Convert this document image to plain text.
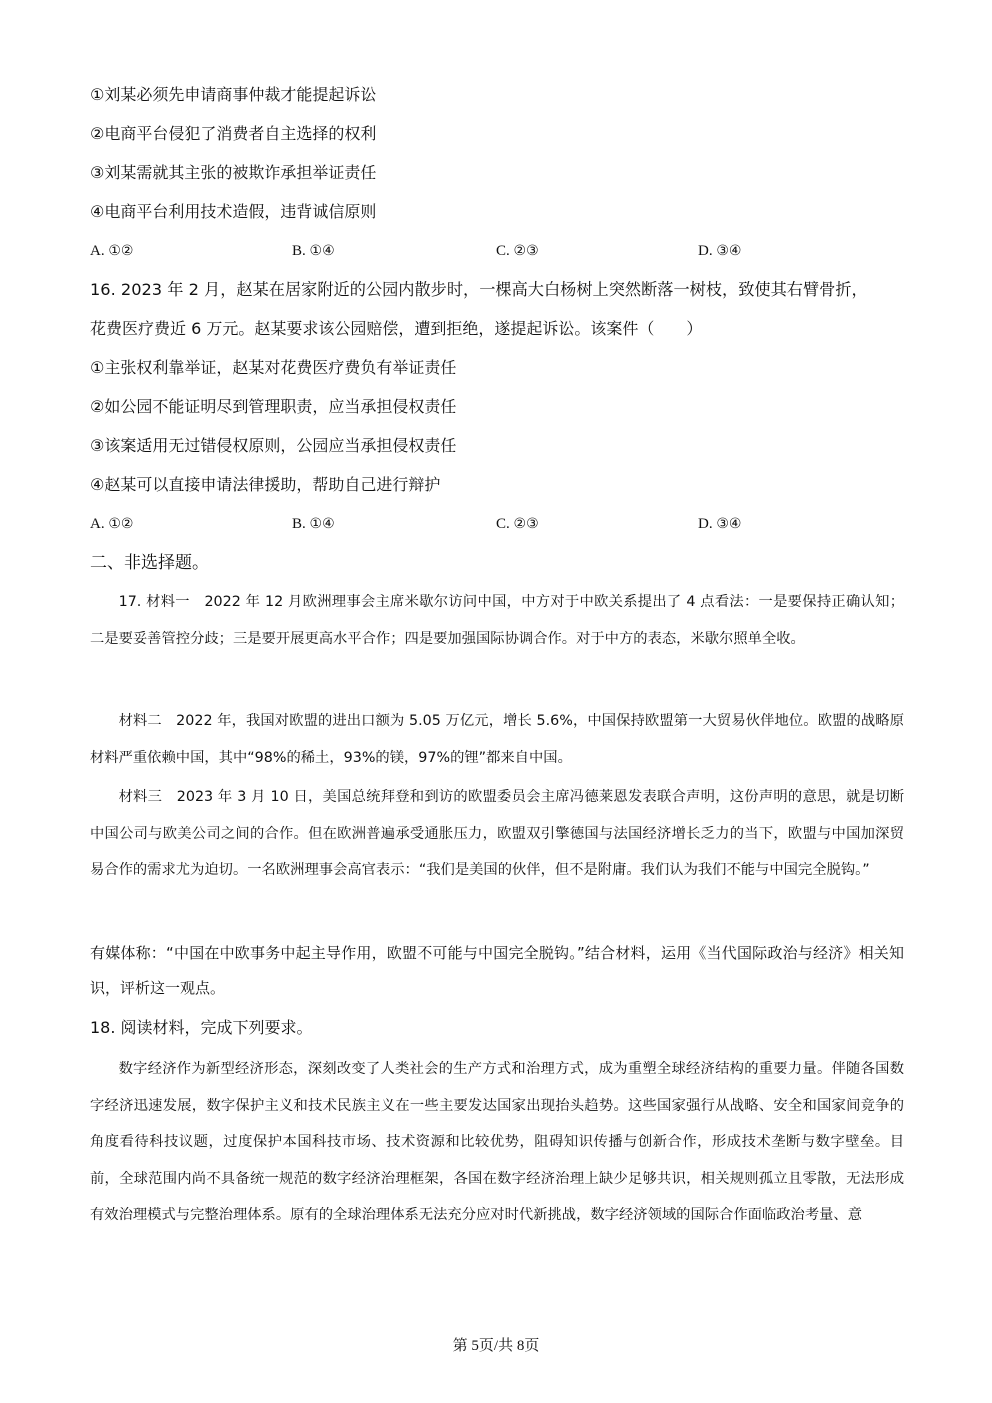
①刘某必须先申请商事仲裁才能提起诉讼
②电商平台侵犯了消费者自主选择的权利
③刘某需就其主张的被欺诈承担举证责任
④电商平台利用技术造假，违背诚信原则
A. ①②	B. ①④	C. ②③	D. ③④
16. 2023 年 2 月，赵某在居家附近的公园内散步时，一棵高大白杨树上突然断落一树枝，致使其右臂骨折，
花费医疗费近 6 万元。赵某要求该公园赔偿，遭到拒绝，遂提起诉讼。该案件（　　）
①主张权利靠举证，赵某对花费医疗费负有举证责任
②如公园不能证明尽到管理职责，应当承担侵权责任
③该案适用无过错侵权原则，公园应当承担侵权责任
④赵某可以直接申请法律援助，帮助自己进行辩护
A. ①②	B. ①④	C. ②③	D. ③④
二、非选择题。
17. 材料一　2022 年 12 月欧洲理事会主席米歇尔访问中国，中方对于中欧关系提出了 4 点看法：一是要保持正确认知；二是要妥善管控分歧；三是要开展更高水平合作；四是要加强国际协调合作。对于中方的表态，米歇尔照单全收。
材料二　2022 年，我国对欧盟的进出口额为 5.05 万亿元，增长 5.6%，中国保持欧盟第一大贸易伙伴地位。欧盟的战略原材料严重依赖中国，其中“98%的稀土，93%的镁，97%的锂”都来自中国。
材料三　2023 年 3 月 10 日，美国总统拜登和到访的欧盟委员会主席冯德莱恩发表联合声明，这份声明的意思，就是切断中国公司与欧美公司之间的合作。但在欧洲普遍承受通胀压力，欧盟双引擎德国与法国经济增长乏力的当下，欧盟与中国加深贸易合作的需求尤为迫切。一名欧洲理事会高官表示：“我们是美国的伙伴，但不是附庸。我们认为我们不能与中国完全脱钩。”
有媒体称：“中国在中欧事务中起主导作用，欧盟不可能与中国完全脱钩。”结合材料，运用《当代国际政治与经济》相关知识，评析这一观点。
18. 阅读材料，完成下列要求。
数字经济作为新型经济形态，深刻改变了人类社会的生产方式和治理方式，成为重塑全球经济结构的重要力量。伴随各国数字经济迅速发展，数字保护主义和技术民族主义在一些主要发达国家出现抬头趋势。这些国家强行从战略、安全和国家间竞争的角度看待科技议题，过度保护本国科技市场、技术资源和比较优势，阻碍知识传播与创新合作，形成技术垄断与数字壁垒。目前，全球范围内尚不具备统一规范的数字经济治理框架，各国在数字经济治理上缺少足够共识，相关规则孤立且零散，无法形成有效治理模式与完整治理体系。原有的全球治理体系无法充分应对时代新挑战，数字经济领域的国际合作面临政治考量、意
第 5页/共 8页
